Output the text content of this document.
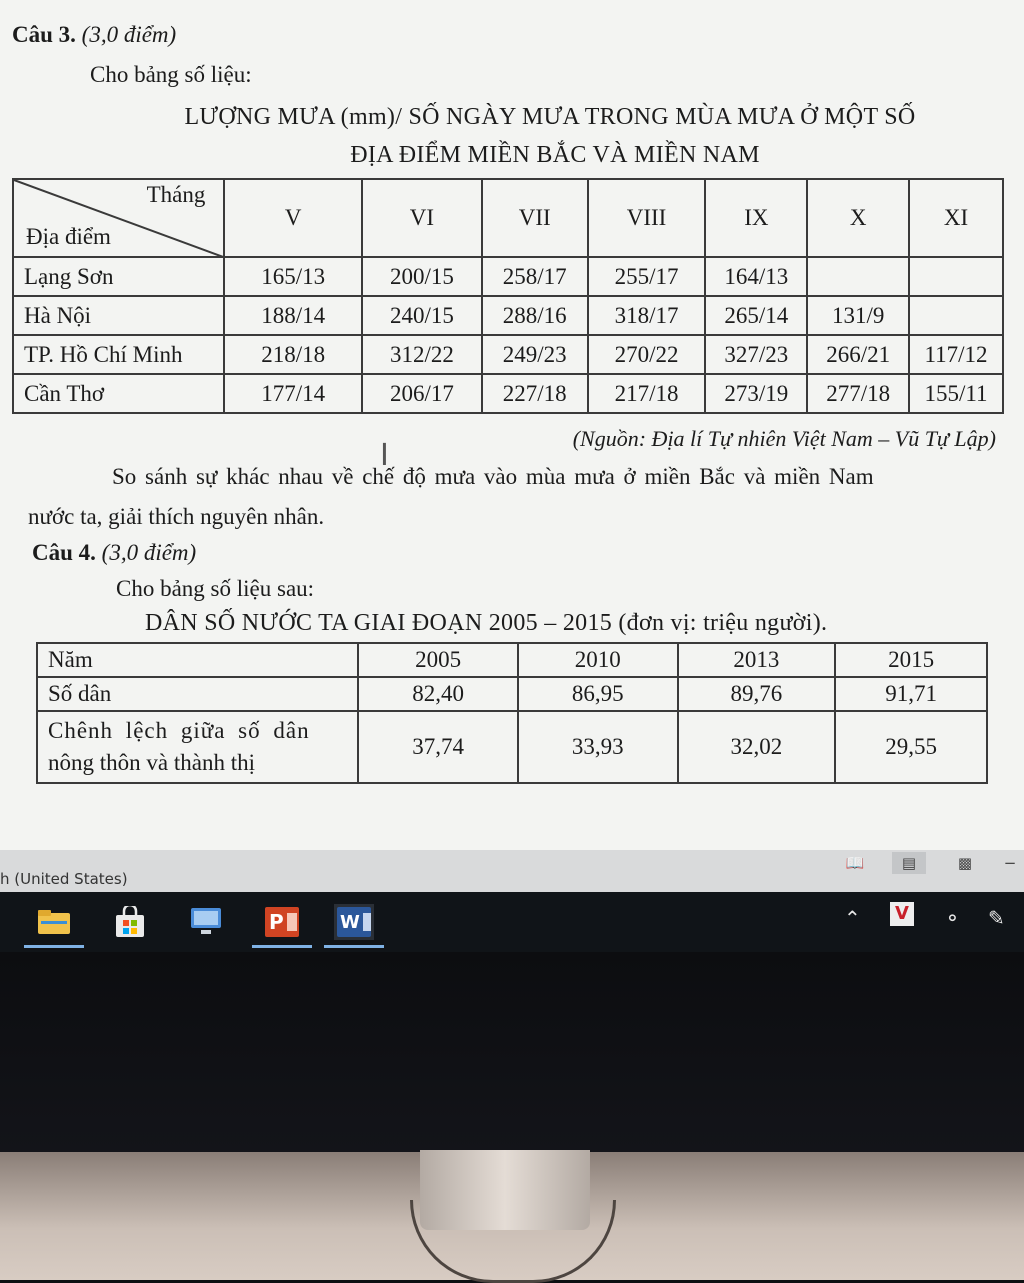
Câu 3. (3,0 điểm)
Cho bảng số liệu:
LƯỢNG MƯA (mm)/ SỐ NGÀY MƯA TRONG MÙA MƯA Ở MỘT SỐ
ĐỊA ĐIỂM MIỀN BẮC VÀ MIỀN NAM
Tháng
Địa điểm	V	VI	VII	VIII	IX	X	XI
Lạng Sơn	165/13	200/15	258/17	255/17	164/13		
Hà Nội	188/14	240/15	288/16	318/17	265/14	131/9	
TP. Hồ Chí Minh	218/18	312/22	249/23	270/22	327/23	266/21	117/12
Cần Thơ	177/14	206/17	227/18	217/18	273/19	277/18	155/11
(Nguồn: Địa lí Tự nhiên Việt Nam – Vũ Tự Lập)
I
So sánh sự khác nhau về chế độ mưa vào mùa mưa ở miền Bắc và miền Nam
nước ta, giải thích nguyên nhân.
Câu 4. (3,0 điểm)
Cho bảng số liệu sau:
DÂN SỐ NƯỚC TA GIAI ĐOẠN 2005 – 2015 (đơn vị: triệu người).
Năm	2005	2010	2013	2015
Số dân	82,40	86,95	89,76	91,71

Chênh lệch giữa số dân
nông thôn và thành thị	37,74	33,93	32,02	29,55
h (United States)
📖	▤	▩ −
P	W	⌃ V ⚬ ✎
